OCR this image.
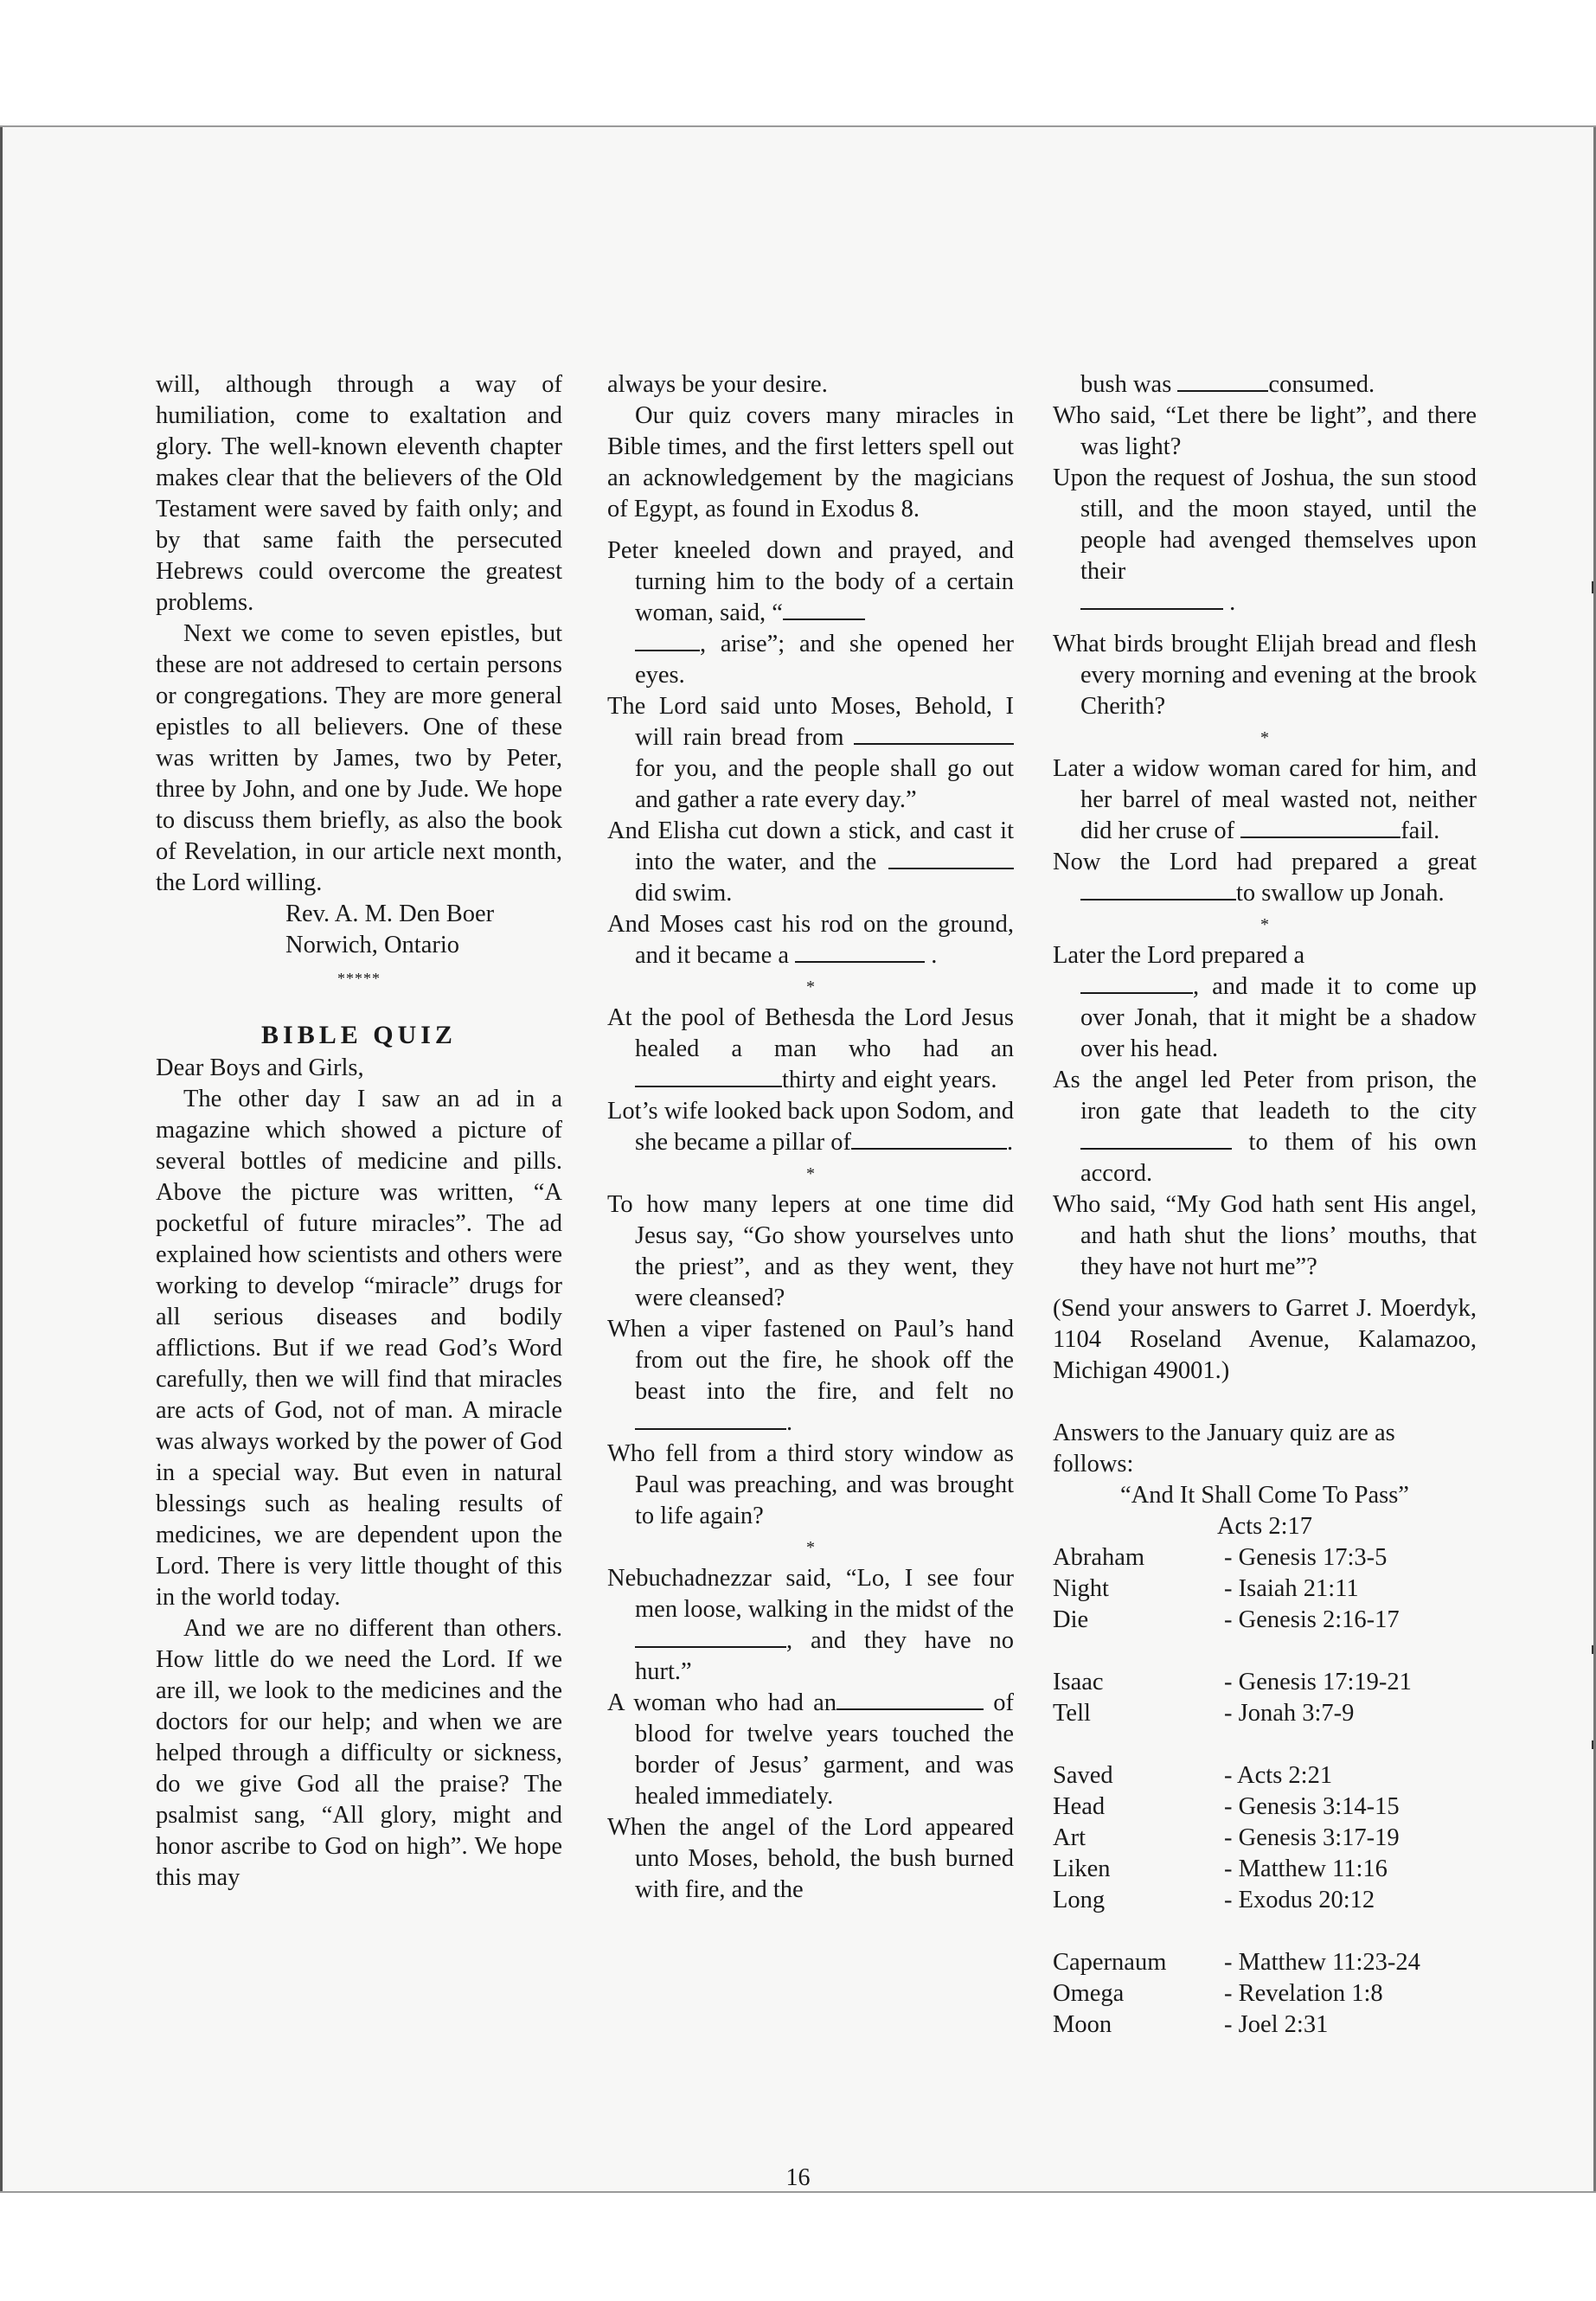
will, although through a way of humiliation, come to exaltation and glory. The well-known eleventh chapter makes clear that the believers of the Old Testament were saved by faith only; and by that same faith the persecuted Hebrews could overcome the greatest problems.

Next we come to seven epistles, but these are not addresed to certain persons or congregations. They are more general epistles to all believers. One of these was written by James, two by Peter, three by John, and one by Jude. We hope to discuss them briefly, as also the book of Revelation, in our article next month, the Lord willing.

Rev. A. M. Den Boer

Norwich, Ontario

*****

BIBLE QUIZ

Dear Boys and Girls,

The other day I saw an ad in a magazine which showed a picture of several bottles of medicine and pills. Above the picture was written, “A pocketful of future miracles”. The ad explained how scientists and others were working to develop “miracle” drugs for all serious diseases and bodily afflictions. But if we read God’s Word carefully, then we will find that miracles are acts of God, not of man. A miracle was always worked by the power of God in a special way. But even in natural blessings such as healing results of medicines, we are dependent upon the Lord. There is very little thought of this in the world today.

And we are no different than others. How little do we need the Lord. If we are ill, we look to the medicines and the doctors for our help; and when we are helped through a difficulty or sickness, do we give God all the praise? The psalmist sang, “All glory, might and honor ascribe to God on high”. We hope this may

always be your desire.

Our quiz covers many miracles in Bible times, and the first letters spell out an acknowledgement by the magicians of Egypt, as found in Exodus 8.

Peter kneeled down and prayed, and turning him to the body of a certain woman, said, “
, arise”; and she opened her eyes.

The Lord said unto Moses, Behold, I will rain bread from  for you, and the people shall go out and gather a rate every day.”

And Elisha cut down a stick, and cast it into the water, and the  did swim.

And Moses cast his rod on the ground, and it became a	.

*

At the pool of Bethesda the Lord Jesus healed a man who had an thirty and eight years.

Lot’s wife looked back upon Sodom, and she became a pillar of	.

*

To how many lepers at one time did Jesus say, “Go show yourselves unto the priest”, and as they went, they were cleansed?

When a viper fastened on Paul’s hand from out the fire, he shook off the beast into the fire, and felt no.

Who fell from a third story window as Paul was preaching, and was brought to life again?

*

Nebuchadnezzar said, “Lo, I see four men loose, walking in the midst of the, and they have no hurt.”

A woman who had an	of blood for twelve years touched the border of Jesus’ garment, and was healed immediately.

When the angel of the Lord appeared unto Moses, behold, the bush burned with fire, and the

bush was	consumed.

Who said, “Let there be light”, and there was light?

Upon the request of Joshua, the sun stood still, and the moon stayed, until the people had avenged themselves upon their
.

What birds brought Elijah bread and flesh every morning and evening at the brook Cherith?

*

Later a widow woman cared for him, and her barrel of meal wasted not, neither did her cruse of	fail.

Now the Lord had prepared a greatto swallow up Jonah.

*

Later the Lord prepared a
, and made it to come up over Jonah, that it might be a shadow over his head.

As the angel led Peter from prison, the iron gate that leadeth to the city  to them of his own accord.

Who said, “My God hath sent His angel, and hath shut the lions’ mouths, that they have not hurt me”?

(Send your answers to Garret J. Moerdyk, 1104 Roseland Avenue, Kalamazoo, Michigan 49001.)

Answers to the January quiz are as follows:

“And It Shall Come To Pass”

Acts 2:17

Abraham	- Genesis 17:3-5
Night	- Isaiah 21:11
Die	- Genesis 2:16-17
Isaac	- Genesis 17:19-21
Tell	- Jonah 3:7-9
Saved	- Acts 2:21
Head	- Genesis 3:14-15
Art	- Genesis 3:17-19
Liken	- Matthew 11:16
Long	- Exodus 20:12
Capernaum	- Matthew 11:23-24
Omega	- Revelation 1:8
Moon	- Joel 2:31
16
